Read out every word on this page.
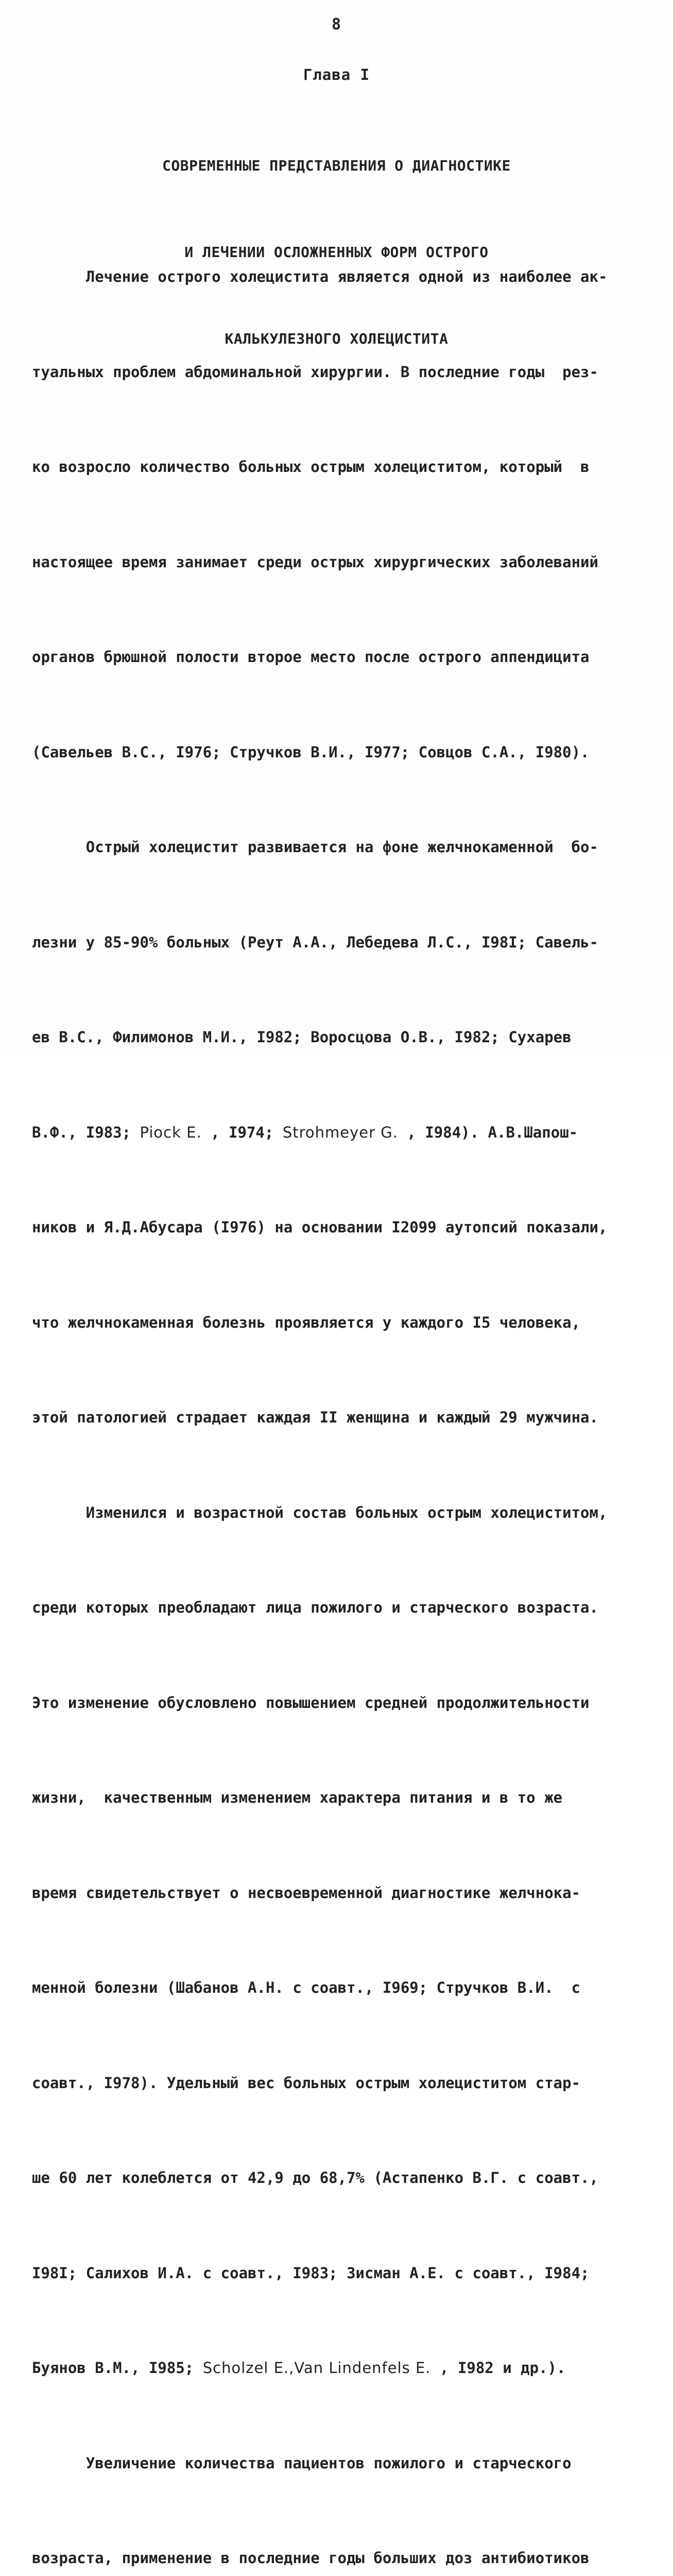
8
Глава I

СОВРЕМЕННЫЕ ПРЕДСТАВЛЕНИЯ О ДИАГНОСТИКЕ

И ЛЕЧЕНИИ ОСЛОЖНЕННЫХ ФОРМ ОСТРОГО

КАЛЬКУЛЕЗНОГО ХОЛЕЦИСТИТА

Лечение острого холецистита является одной из наиболее ак-

туальных проблем абдоминальной хирургии. В последние годы  рез-

ко возросло количество больных острым холециститом, который  в

настоящее время занимает среди острых хирургических заболеваний

органов брюшной полости второе место после острого аппендицита

(Савельев В.С., I976; Стручков В.И., I977; Совцов С.А., I980).

Острый холецистит развивается на фоне желчнокаменной  бо-

лезни у 85-90% больных (Реут А.А., Лебедева Л.С., I98I; Савель-

ев В.С., Филимонов М.И., I982; Воросцова О.В., I982; Сухарев

В.Ф., I983; Piock E. , I974; Strohmeyer G. , I984). А.В.Шапош-

ников и Я.Д.Абусара (I976) на основании I2099 аутопсий показали,

что желчнокаменная болезнь проявляется у каждого I5 человека,

этой патологией страдает каждая II женщина и каждый 29 мужчина.

Изменился и возрастной состав больных острым холециститом,

среди которых преобладают лица пожилого и старческого возраста.

Это изменение обусловлено повышением средней продолжительности

жизни,  качественным изменением характера питания и в то же

время свидетельствует о несвоевременной диагностике желчнока-

менной болезни (Шабанов А.Н. с соавт., I969; Стручков В.И.  с

соавт., I978). Удельный вес больных острым холециститом стар-

ше 60 лет колеблется от 42,9 до 68,7% (Астапенко В.Г. с соавт.,

I98I; Салихов И.А. с соавт., I983; Зисман А.Е. с соавт., I984;

Буянов В.М., I985; Scholzel E.,Van Lindenfels E. , I982 и др.).

Увеличение количества пациентов пожилого и старческого

возраста, применение в последние годы больших доз антибиотиков
